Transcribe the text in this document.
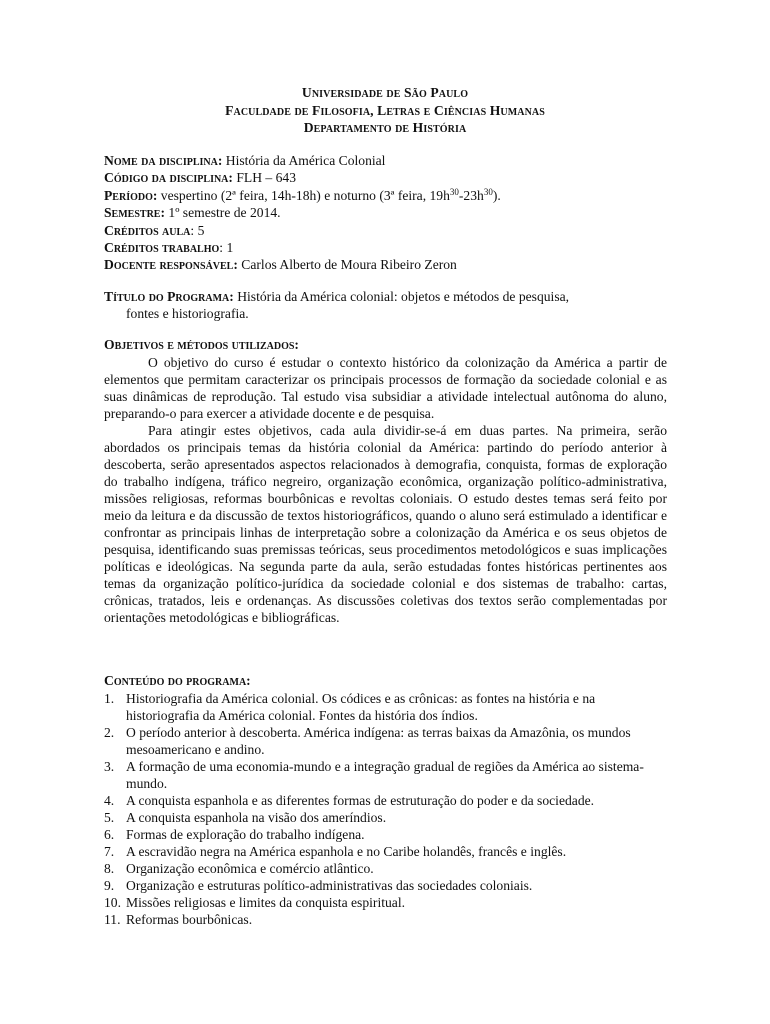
Universidade de São Paulo
Faculdade de Filosofia, Letras e Ciências Humanas
Departamento de História
Nome da disciplina: História da América Colonial
Código da disciplina: FLH – 643
Período: vespertino (2ª feira, 14h-18h) e noturno (3ª feira, $19h^{30}-23h^{30}$).
Semestre: 1º semestre de 2014.
Créditos aula: 5
Créditos trabalho: 1
Docente responsável: Carlos Alberto de Moura Ribeiro Zeron
Título do Programa: História da América colonial: objetos e métodos de pesquisa,
fontes e historiografia.
Objetivos e métodos utilizados:

O objetivo do curso é estudar o contexto histórico da colonização da América a partir de elementos que permitam caracterizar os principais processos de formação da sociedade colonial e as suas dinâmicas de reprodução. Tal estudo visa subsidiar a atividade intelectual autônoma do aluno, preparando-o para exercer a atividade docente e de pesquisa.

Para atingir estes objetivos, cada aula dividir-se-á em duas partes. Na primeira, serão abordados os principais temas da história colonial da América: partindo do período anterior à descoberta, serão apresentados aspectos relacionados à demografia, conquista, formas de exploração do trabalho indígena, tráfico negreiro, organização econômica, organização político-administrativa, missões religiosas, reformas bourbônicas e revoltas coloniais. O estudo destes temas será feito por meio da leitura e da discussão de textos historiográficos, quando o aluno será estimulado a identificar e confrontar as principais linhas de interpretação sobre a colonização da América e os seus objetos de pesquisa, identificando suas premissas teóricas, seus procedimentos metodológicos e suas implicações políticas e ideológicas. Na segunda parte da aula, serão estudadas fontes históricas pertinentes aos temas da organização político-jurídica da sociedade colonial e dos sistemas de trabalho: cartas, crônicas, tratados, leis e ordenanças. As discussões coletivas dos textos serão complementadas por orientações metodológicas e bibliográficas.

Conteúdo do programa:
1. Historiografia da América colonial. Os códices e as crônicas: as fontes na história e na historiografia da América colonial. Fontes da história dos índios.
2. O período anterior à descoberta. América indígena: as terras baixas da Amazônia, os mundos mesoamericano e andino.
3. A formação de uma economia-mundo e a integração gradual de regiões da América ao sistema-mundo.
4. A conquista espanhola e as diferentes formas de estruturação do poder e da sociedade.
5. A conquista espanhola na visão dos ameríndios.
6. Formas de exploração do trabalho indígena.
7. A escravidão negra na América espanhola e no Caribe holandês, francês e inglês.
8. Organização econômica e comércio atlântico.
9. Organização e estruturas político-administrativas das sociedades coloniais.
10. Missões religiosas e limites da conquista espiritual.
11. Reformas bourbônicas.
